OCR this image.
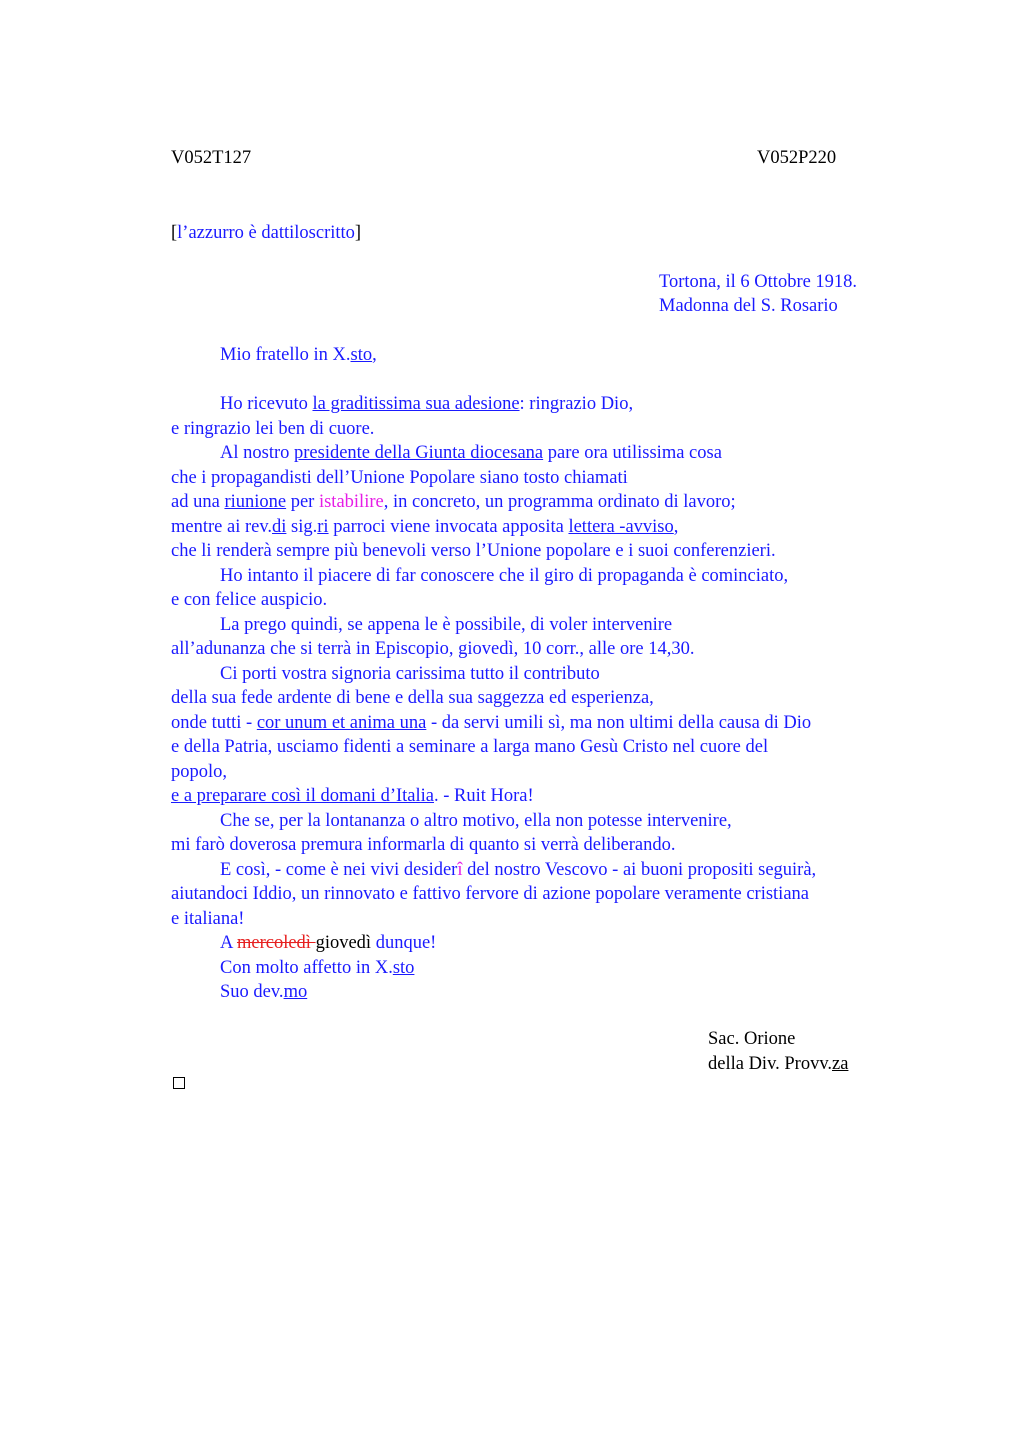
V052T127	V052P220
[l’azzurro è dattiloscritto]
Tortona, il 6 Ottobre 1918.
Madonna del S. Rosario
Mio fratello in X.sto,
Ho ricevuto la graditissima sua adesione: ringrazio Dio,
e ringrazio lei ben di cuore.
Al nostro presidente della Giunta diocesana pare ora utilissima cosa
che i propagandisti dell’Unione Popolare siano tosto chiamati
ad una riunione per istabilire, in concreto, un programma ordinato di lavoro;
mentre ai rev.di sig.ri parroci viene invocata apposita lettera -avviso,
che li renderà sempre più benevoli verso l’Unione popolare e i suoi conferenzieri.
Ho intanto il piacere di far conoscere che il giro di propaganda è cominciato,
e con felice auspicio.
La prego quindi, se appena le è possibile, di voler intervenire
all’adunanza che si terrà in Episcopio, giovedì, 10 corr., alle ore 14,30.
Ci porti vostra signoria carissima tutto il contributo
della sua fede ardente di bene e della sua saggezza ed esperienza,
onde tutti - cor unum et anima una - da servi umili sì, ma non ultimi della causa di Dio
e della Patria, usciamo fidenti a seminare a larga mano Gesù Cristo nel cuore del
popolo,
e a preparare così il domani d’Italia. - Ruit Hora!
Che se, per la lontananza o altro motivo, ella non potesse intervenire,
mi farò doverosa premura informarla di quanto si verrà deliberando.
E così, - come è nei vivi desiderî del nostro Vescovo - ai buoni propositi seguirà,
aiutandoci Iddio, un rinnovato e fattivo fervore di azione popolare veramente cristiana
e italiana!
A mercoledì giovedì dunque!
Con molto affetto in X.sto
Suo dev.mo
Sac. Orione
della Div. Provv.za
